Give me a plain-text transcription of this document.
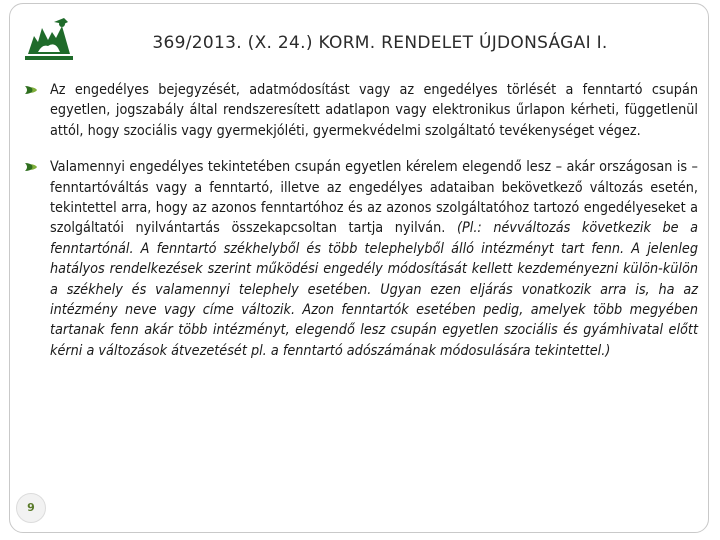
369/2013. (X. 24.) KORM. RENDELET ÚJDONSÁGAI I.

Az engedélyes bejegyzését, adatmódosítást vagy az engedélyes törlését a fenntartó csupán egyetlen, jogszabály által rendszeresített adatlapon vagy elektronikus űrlapon kérheti, függetlenül attól, hogy szociális vagy gyermekjóléti, gyermekvédelmi szolgáltató tevékenységet végez.

Valamennyi engedélyes tekintetében csupán egyetlen kérelem elegendő lesz – akár országosan is – fenntartóváltás vagy a fenntartó, illetve az engedélyes adataiban bekövetkező változás esetén, tekintettel arra, hogy az azonos fenntartóhoz és az azonos szolgáltatóhoz tartozó engedélyeseket a szolgáltatói nyilvántartás összekapcsoltan tartja nyilván. (Pl.: névváltozás következik be a fenntartónál. A fenntartó székhelyből és több telephelyből álló intézményt tart fenn. A jelenleg hatályos rendelkezések szerint működési engedély módosítását kellett kezdeményezni külön-külön a székhely és valamennyi telephely esetében. Ugyan ezen eljárás vonatkozik arra is, ha az intézmény neve vagy címe változik. Azon fenntartók esetében pedig, amelyek több megyében tartanak fenn akár több intézményt, elegendő lesz csupán egyetlen szociális és gyámhivatal előtt kérni a változások átvezetését pl. a fenntartó adószámának módosulására tekintettel.)

9
